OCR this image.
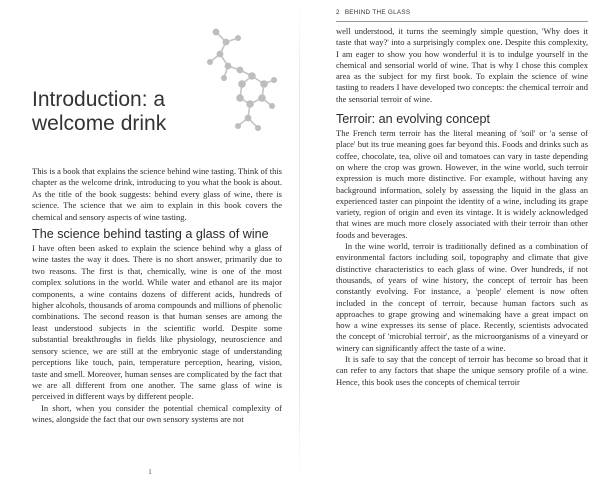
Introduction: a
welcome drink

This is a book that explains the science behind wine tasting. Think of this chapter as the welcome drink, introducing to you what the book is about. As the title of the book suggests: behind every glass of wine, there is science. The science that we aim to explain in this book covers the chemical and sensory aspects of wine tasting.

The science behind tasting a glass of wine

I have often been asked to explain the science behind why a glass of wine tastes the way it does. There is no short answer, primarily due to two reasons. The first is that, chemically, wine is one of the most complex solutions in the world. While water and ethanol are its major components, a wine contains dozens of different acids, hundreds of higher alcohols, thousands of aroma compounds and millions of phenolic combinations. The second reason is that human senses are among the least understood subjects in the scientific world. Despite some substantial breakthroughs in fields like physiology, neuroscience and sensory science, we are still at the embryonic stage of understanding perceptions like touch, pain, temperature perception, hearing, vision, taste and smell. Moreover, human senses are complicated by the fact that we are all different from one another. The same glass of wine is perceived in different ways by different people.

In short, when you consider the potential chemical complexity of wines, alongside the fact that our own sensory systems are not

1
2 BEHIND THE GLASS

well understood, it turns the seemingly simple question, 'Why does it taste that way?' into a surprisingly complex one. Despite this complexity, I am eager to show you how wonderful it is to indulge yourself in the chemical and sensorial world of wine. That is why I chose this complex area as the subject for my first book. To explain the science of wine tasting to readers I have developed two concepts: the chemical terroir and the sensorial terroir of wine.

Terroir: an evolving concept

The French term terroir has the literal meaning of 'soil' or 'a sense of place' but its true meaning goes far beyond this. Foods and drinks such as coffee, chocolate, tea, olive oil and tomatoes can vary in taste depending on where the crop was grown. However, in the wine world, such terroir expression is much more distinctive. For example, without having any background information, solely by assessing the liquid in the glass an experienced taster can pinpoint the identity of a wine, including its grape variety, region of origin and even its vintage. It is widely acknowledged that wines are much more closely associated with their terroir than other foods and beverages.

In the wine world, terroir is traditionally defined as a combination of environmental factors including soil, topography and climate that give distinctive characteristics to each glass of wine. Over hundreds, if not thousands, of years of wine history, the concept of terroir has been constantly evolving. For instance, a 'people' element is now often included in the concept of terroir, because human factors such as approaches to grape growing and winemaking have a great impact on how a wine expresses its sense of place. Recently, scientists advocated the concept of 'microbial terroir', as the microorganisms of a vineyard or winery can significantly affect the taste of a wine.

It is safe to say that the concept of terroir has become so broad that it can refer to any factors that shape the unique sensory profile of a wine. Hence, this book uses the concepts of chemical terroir
